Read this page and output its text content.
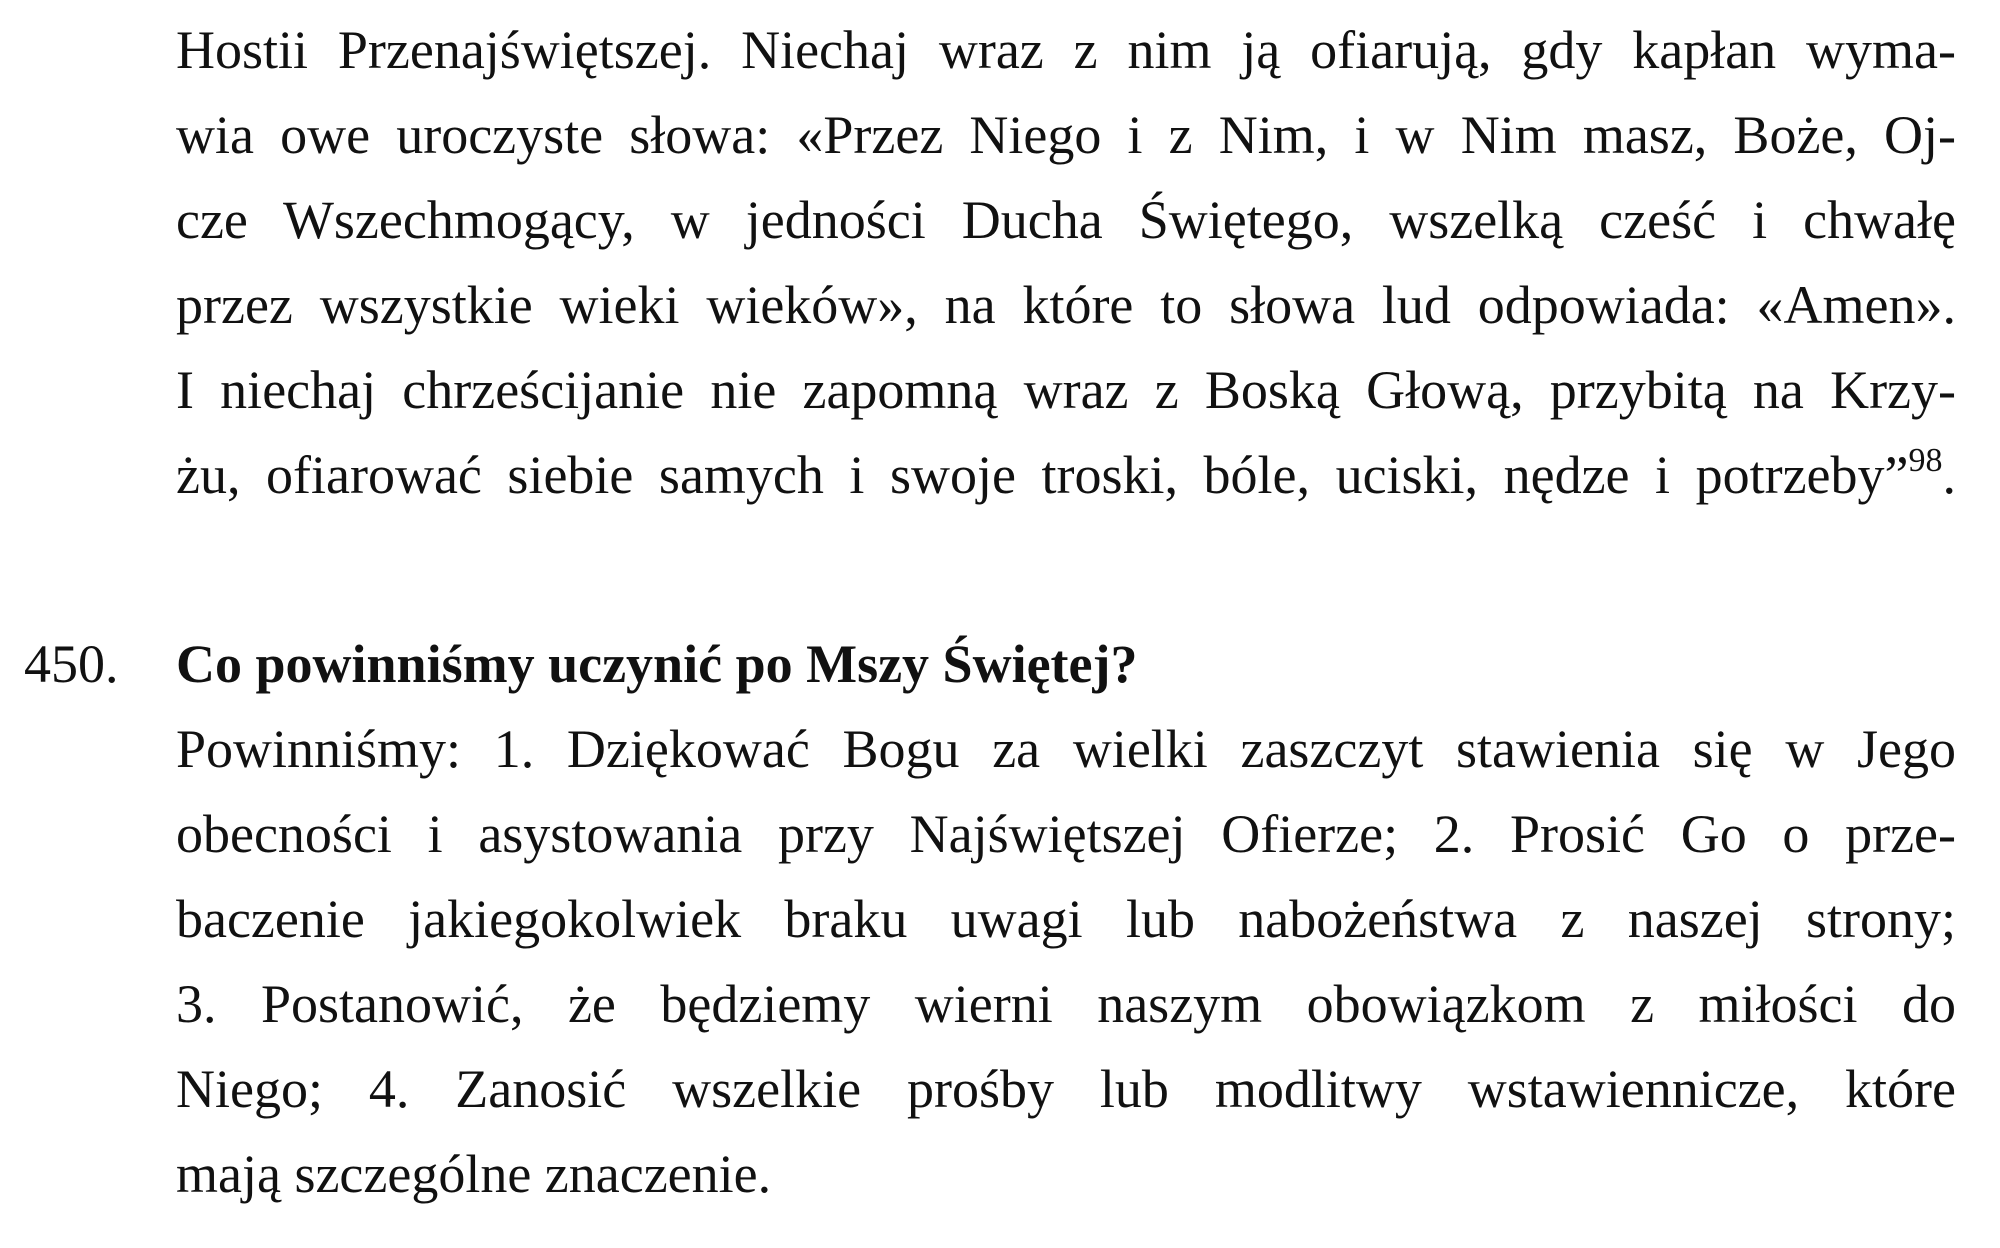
Hostii Przenajświętszej. Niechaj wraz z nim ją ofiarują, gdy kapłan wyma-
wia owe uroczyste słowa: «Przez Niego i z Nim, i w Nim masz, Boże, Oj-
cze Wszechmogący, w jedności Ducha Świętego, wszelką cześć i chwałę
przez wszystkie wieki wieków», na które to słowa lud odpowiada: «Amen».
I niechaj chrześcijanie nie zapomną wraz z Boską Głową, przybitą na Krzy-
żu, ofiarować siebie samych i swoje troski, bóle, uciski, nędze i potrzeby”$^{98}$.
450. Co powinniśmy uczynić po Mszy Świętej?
Powinniśmy: 1. Dziękować Bogu za wielki zaszczyt stawienia się w Jego
obecności i asystowania przy Najświętszej Ofierze; 2. Prosić Go o prze-
baczenie jakiegokolwiek braku uwagi lub nabożeństwa z naszej strony;
3. Postanowić, że będziemy wierni naszym obowiązkom z miłości do
Niego; 4. Zanosić wszelkie prośby lub modlitwy wstawiennicze, które
mają szczególne znaczenie.
